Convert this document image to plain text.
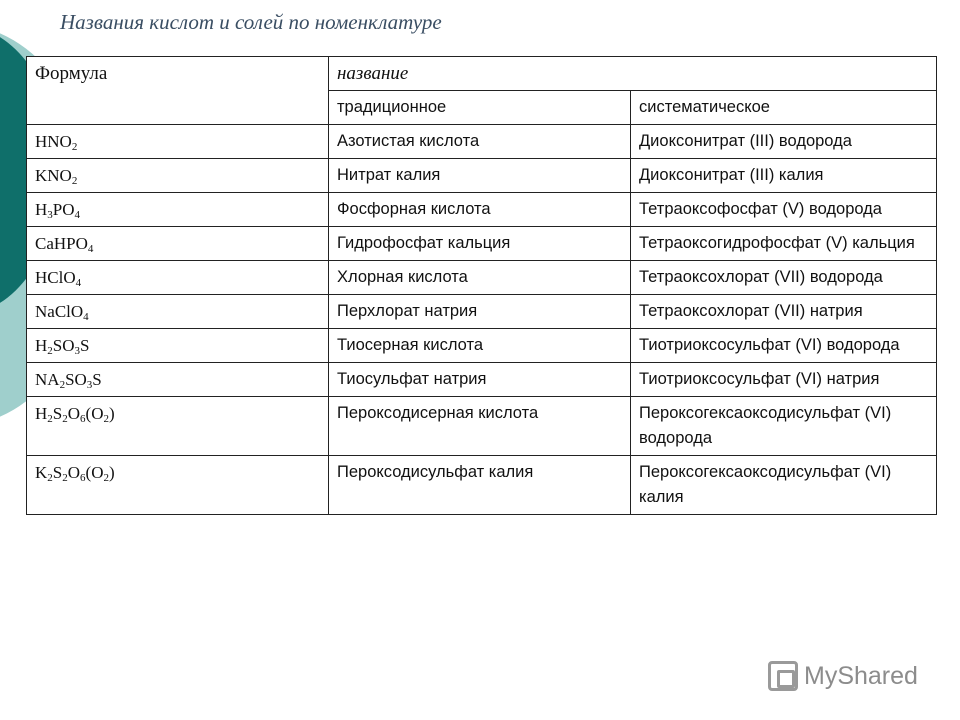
Названия кислот и солей по номенклатуре
Формула	название	
	традиционное	систематическое
$HNO_2$	Азотистая кислота	Диоксонитрат (III) водорода
$KNO_2$	Нитрат калия	Диоксонитрат (III) калия
$H_3PO_4$	Фосфорная кислота	Тетраоксофосфат (V) водорода
CaHPO$_4$	Гидрофосфат кальция	Тетраоксогидрофосфат (V) кальция
HClO$_4$	Хлорная кислота	Тетраоксохлорат (VII) водорода
NaClO$_4$	Перхлорат натрия	Тетраоксохлорат (VII) натрия
$H_2SO_3S$	Тиосерная кислота	Тиотриоксосульфат (VI) водорода
$NA_2SO_3S$	Тиосульфат натрия	Тиотриоксосульфат (VI) натрия
$H_2S_2O_6(O_2)$	Пероксодисерная кислота	Пероксогексаоксодисульфат (VI) водорода
$K_2S_2O_6(O_2)$	Пероксодисульфат калия	Пероксогексаоксодисульфат (VI) калия
MyShared
